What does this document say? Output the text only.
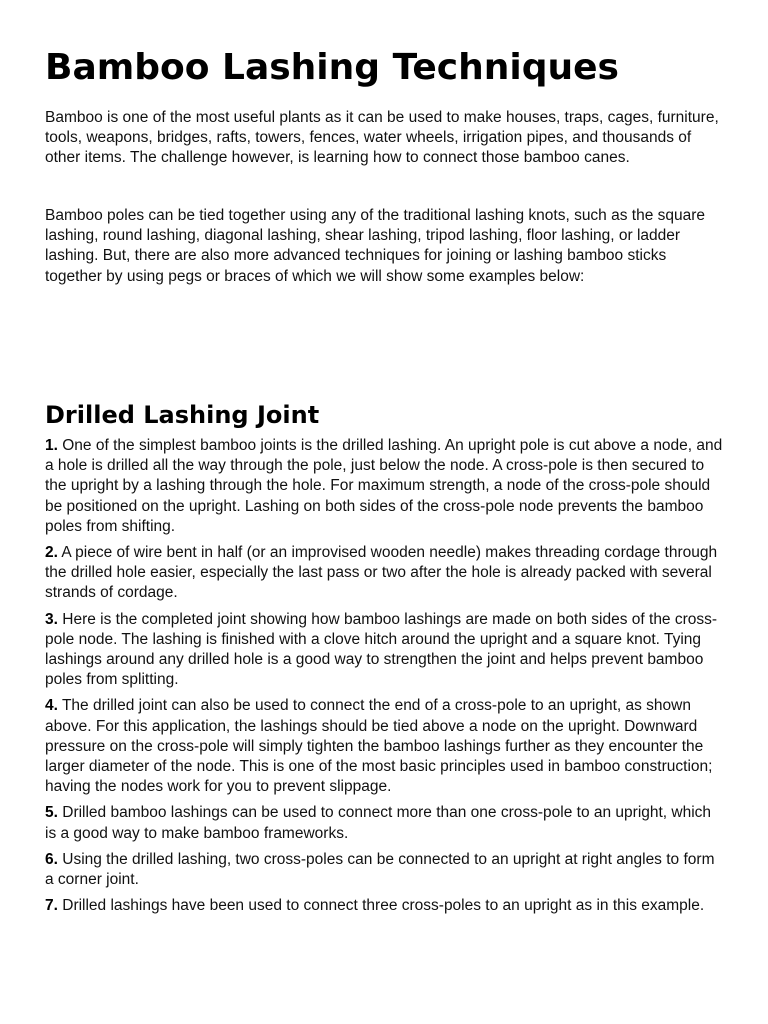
Bamboo Lashing Techniques

Bamboo is one of the most useful plants as it can be used to make houses, traps, cages, furniture, tools, weapons, bridges, rafts, towers, fences, water wheels, irrigation pipes, and thousands of other items. The challenge however, is learning how to connect those bamboo canes.

Bamboo poles can be tied together using any of the traditional lashing knots, such as the square lashing, round lashing, diagonal lashing, shear lashing, tripod lashing, floor lashing, or ladder lashing. But, there are also more advanced techniques for joining or lashing bamboo sticks together by using pegs or braces of which we will show some examples below:

Drilled Lashing Joint

1. One of the simplest bamboo joints is the drilled lashing. An upright pole is cut above a node, and a hole is drilled all the way through the pole, just below the node. A cross-pole is then secured to the upright by a lashing through the hole. For maximum strength, a node of the cross-pole should be positioned on the upright. Lashing on both sides of the cross-pole node prevents the bamboo poles from shifting.

2. A piece of wire bent in half (or an improvised wooden needle) makes threading cordage through the drilled hole easier, especially the last pass or two after the hole is already packed with several strands of cordage.

3. Here is the completed joint showing how bamboo lashings are made on both sides of the cross-pole node. The lashing is finished with a clove hitch around the upright and a square knot. Tying lashings around any drilled hole is a good way to strengthen the joint and helps prevent bamboo poles from splitting.

4. The drilled joint can also be used to connect the end of a cross-pole to an upright, as shown above. For this application, the lashings should be tied above a node on the upright. Downward pressure on the cross-pole will simply tighten the bamboo lashings further as they encounter the larger diameter of the node. This is one of the most basic principles used in bamboo construction; having the nodes work for you to prevent slippage.

5. Drilled bamboo lashings can be used to connect more than one cross-pole to an upright, which is a good way to make bamboo frameworks.

6. Using the drilled lashing, two cross-poles can be connected to an upright at right angles to form a corner joint.

7. Drilled lashings have been used to connect three cross-poles to an upright as in this example.
